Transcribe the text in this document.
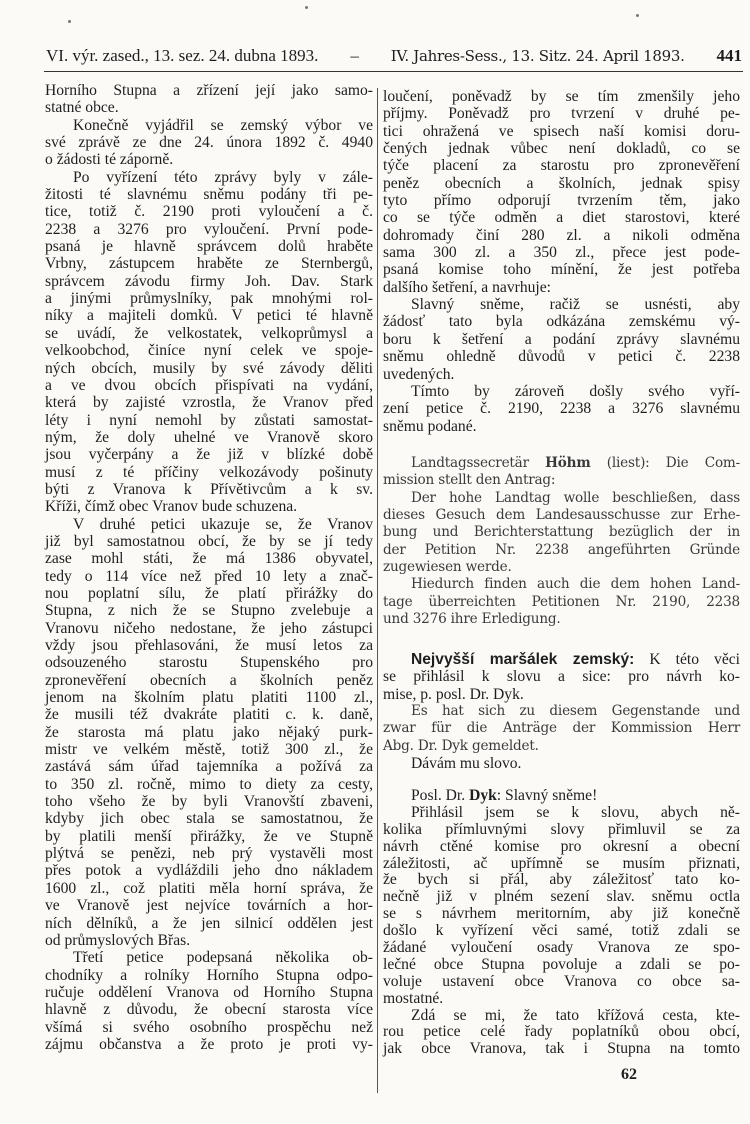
VI. výr. zased., 13. sez. 24. dubna 1893. – IV. Jahres-Sess., 13. Sitz. 24. April 1893. 441
Horního Stupna a zřízení její jako samo-
statné obce.
Konečně vyjádřil se zemský výbor ve
své zprávě ze dne 24. února 1892 č. 4940
o žádosti té záporně.
Po vyřízení této zprávy byly v zále-
žitosti té slavnému sněmu podány tři pe-
tice, totiž č. 2190 proti vyloučení a č.
2238 a 3276 pro vyloučení. První pode-
psaná je hlavně správcem dolů hraběte
Vrbny, zástupcem hraběte ze Sternbergů,
správcem závodu firmy Joh. Dav. Stark
a jinými průmyslníky, pak mnohými rol-
níky a majiteli domků. V petici té hlavně
se uvádí, že velkostatek, velkoprůmysl a
velkoobchod, činíce nyní celek ve spoje-
ných obcích, musily by své závody děliti
a ve dvou obcích přispívati na vydání,
která by zajisté vzrostla, že Vranov před
léty i nyní nemohl by zůstati samostat-
ným, že doly uhelné ve Vranově skoro
jsou vyčerpány a že již v blízké době
musí z té příčiny velkozávody pošinuty
býti z Vranova k Přívětivcům a k sv.
Kříži, čímž obec Vranov bude schuzena.
V druhé petici ukazuje se, že Vranov
již byl samostatnou obcí, že by se jí tedy
zase mohl státi, že má 1386 obyvatel,
tedy o 114 více než před 10 lety a znač-
nou poplatní sílu, že platí přirážky do
Stupna, z nich že se Stupno zvelebuje a
Vranovu ničeho nedostane, že jeho zástupci
vždy jsou přehlasováni, že musí letos za
odsouzeného starostu Stupenského pro
zpronevěření obecních a školních peněz
jenom na školním platu platiti 1100 zl.,
že musili též dvakráte platiti c. k. daně,
že starosta má platu jako nějaký purk-
mistr ve velkém městě, totiž 300 zl., že
zastává sám úřad tajemníka a požívá za
to 350 zl. ročně, mimo to diety za cesty,
toho všeho že by byli Vranovští zbaveni,
kdyby jich obec stala se samostatnou, že
by platili menší přirážky, že ve Stupně
plýtvá se penězi, neb prý vystavěli most
přes potok a vydláždili jeho dno nákladem
1600 zl., což platiti měla horní správa, že
ve Vranově jest nejvíce továrních a hor-
ních dělníků, a že jen silnicí oddělen jest
od průmyslových Břas.
Třetí petice podepsaná několika ob-
chodníky a rolníky Horního Stupna odpo-
ručuje oddělení Vranova od Horního Stupna
hlavně z důvodu, že obecní starosta více
všímá si svého osobního prospěchu než
zájmu občanstva a že proto je proti vy-
loučení, poněvadž by se tím zmenšily jeho
příjmy. Poněvadž pro tvrzení v druhé pe-
tici ohražená ve spisech naší komisi doru-
čených jednak vůbec není dokladů, co se
týče placení za starostu pro zpronevěření
peněz obecních a školních, jednak spisy
tyto přímo odporují tvrzením těm, jako
co se týče odměn a diet starostovi, které
dohromady činí 280 zl. a nikoli odměna
sama 300 zl. a 350 zl., přece jest pode-
psaná komise toho mínění, že jest potřeba
dalšího šetření, a navrhuje:
Slavný sněme, račiž se usnésti, aby
žádosť tato byla odkázána zemskému vý-
boru k šetření a podání zprávy slavnému
sněmu ohledně důvodů v petici č. 2238
uvedených.
Tímto by zároveň došly svého vyří-
zení petice č. 2190, 2238 a 3276 slavnému
sněmu podané.
Landtagssecretär Höhm (liest): Die Com-
mission stellt den Antrag:
Der hohe Landtag wolle beschließen, dass
dieses Gesuch dem Landesausschusse zur Erhe-
bung und Berichterstattung bezüglich der in
der Petition Nr. 2238 angeführten Gründe
zugewiesen werde.
Hiedurch finden auch die dem hohen Land-
tage überreichten Petitionen Nr. 2190, 2238
und 3276 ihre Erledigung.
Nejvyšší maršálek zemský: K této věci
se přihlásil k slovu a sice: pro návrh ko-
mise, p. posl. Dr. Dyk.
Es hat sich zu diesem Gegenstande und
zwar für die Anträge der Kommission Herr
Abg. Dr. Dyk gemeldet.
Dávám mu slovo.
Posl. Dr. Dyk: Slavný sněme!
Přihlásil jsem se k slovu, abych ně-
kolika přímluvnými slovy přimluvil se za
návrh ctěné komise pro okresní a obecní
záležitosti, ač upřímně se musím přiznati,
že bych si přál, aby záležitosť tato ko-
nečně již v plném sezení slav. sněmu octla
se s návrhem meritorním, aby již konečně
došlo k vyřízení věci samé, totiž zdali se
žádané vyloučení osady Vranova ze spo-
lečné obce Stupna povoluje a zdali se po-
voluje ustavení obce Vranova co obce sa-
mostatné.
Zdá se mi, že tato křížová cesta, kte-
rou petice celé řady poplatníků obou obcí,
jak obce Vranova, tak i Stupna na tomto
62
